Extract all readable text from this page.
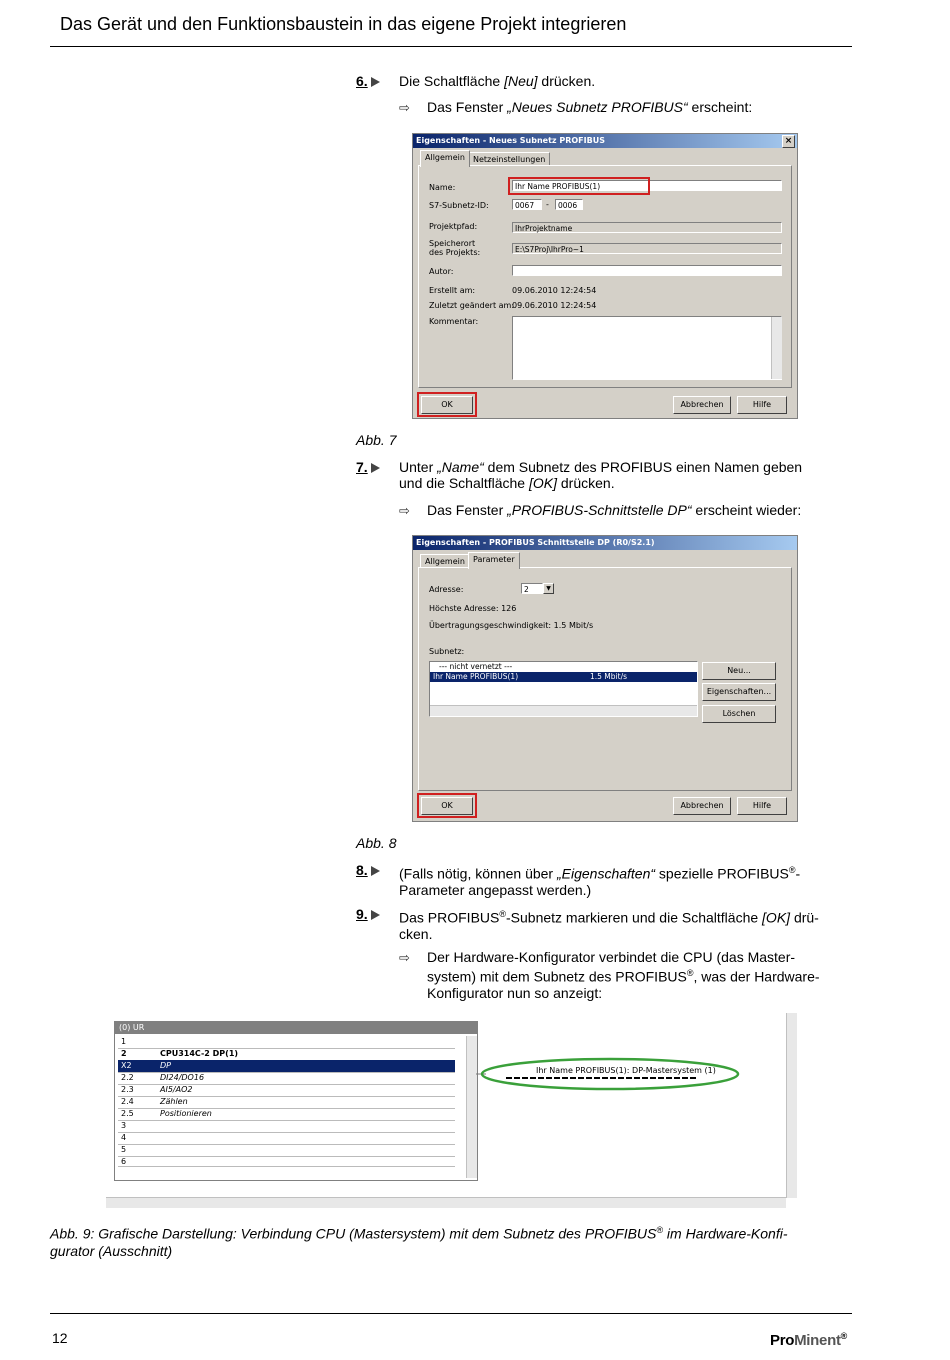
Das Gerät und den Funktionsbaustein in das eigene Projekt integrieren
6.	Die Schaltfläche [Neu] drücken.
⇨ Das Fenster „Neues Subnetz PROFIBUS“ erscheint:
Eigenschaften - Neues Subnetz PROFIBUS	×
Allgemein	Netzeinstellungen
Name:	Ihr Name PROFIBUS(1)
S7-Subnetz-ID:	0067	-	0006
Projektpfad:	IhrProjektname
Speicherort
des Projekts:	E:\S7Proj\IhrPro~1
Autor:
Erstellt am:	09.06.2010 12:24:54
Zuletzt geändert am:
09.06.2010 12:24:54
Kommentar:
OK	Abbrechen	Hilfe
Abb. 7
7.	Unter „Name“ dem Subnetz des PROFIBUS einen Namen geben
und die Schaltfläche [OK] drücken.
⇨ Das Fenster „PROFIBUS-Schnittstelle DP“ erscheint wieder:
Eigenschaften - PROFIBUS Schnittstelle DP (R0/S2.1)
Allgemein	Parameter
Adresse:	2	▼
Höchste Adresse: 126
Übertragungsgeschwindigkeit: 1.5 Mbit/s
Subnetz:
--- nicht vernetzt ---
Ihr Name PROFIBUS(1)	1.5 Mbit/s
Neu...
Eigenschaften...
Löschen
OK	Abbrechen	Hilfe
Abb. 8
8.	(Falls nötig, können über „Eigenschaften“ spezielle PROFIBUS®-
Parameter angepasst werden.)
9.	Das PROFIBUS®-Subnetz markieren und die Schaltfläche [OK] drü-
cken.
⇨ Der Hardware-Konfigurator verbindet die CPU (das Master-
system) mit dem Subnetz des PROFIBUS®, was der Hardware-
Konfigurator nun so anzeigt:
(0) UR
1
2	CPU314C-2 DP(1)
X2	DP
2.2	DI24/DO16
2.3	AI5/AO2
2.4	Zählen
2.5	Positionieren
3
4
5
6
Ihr Name PROFIBUS(1): DP-Mastersystem (1)
Abb. 9: Grafische Darstellung: Verbindung CPU (Mastersystem) mit dem Subnetz des PROFIBUS® im Hardware-Konfi-
gurator (Ausschnitt)
12	ProMinent®
